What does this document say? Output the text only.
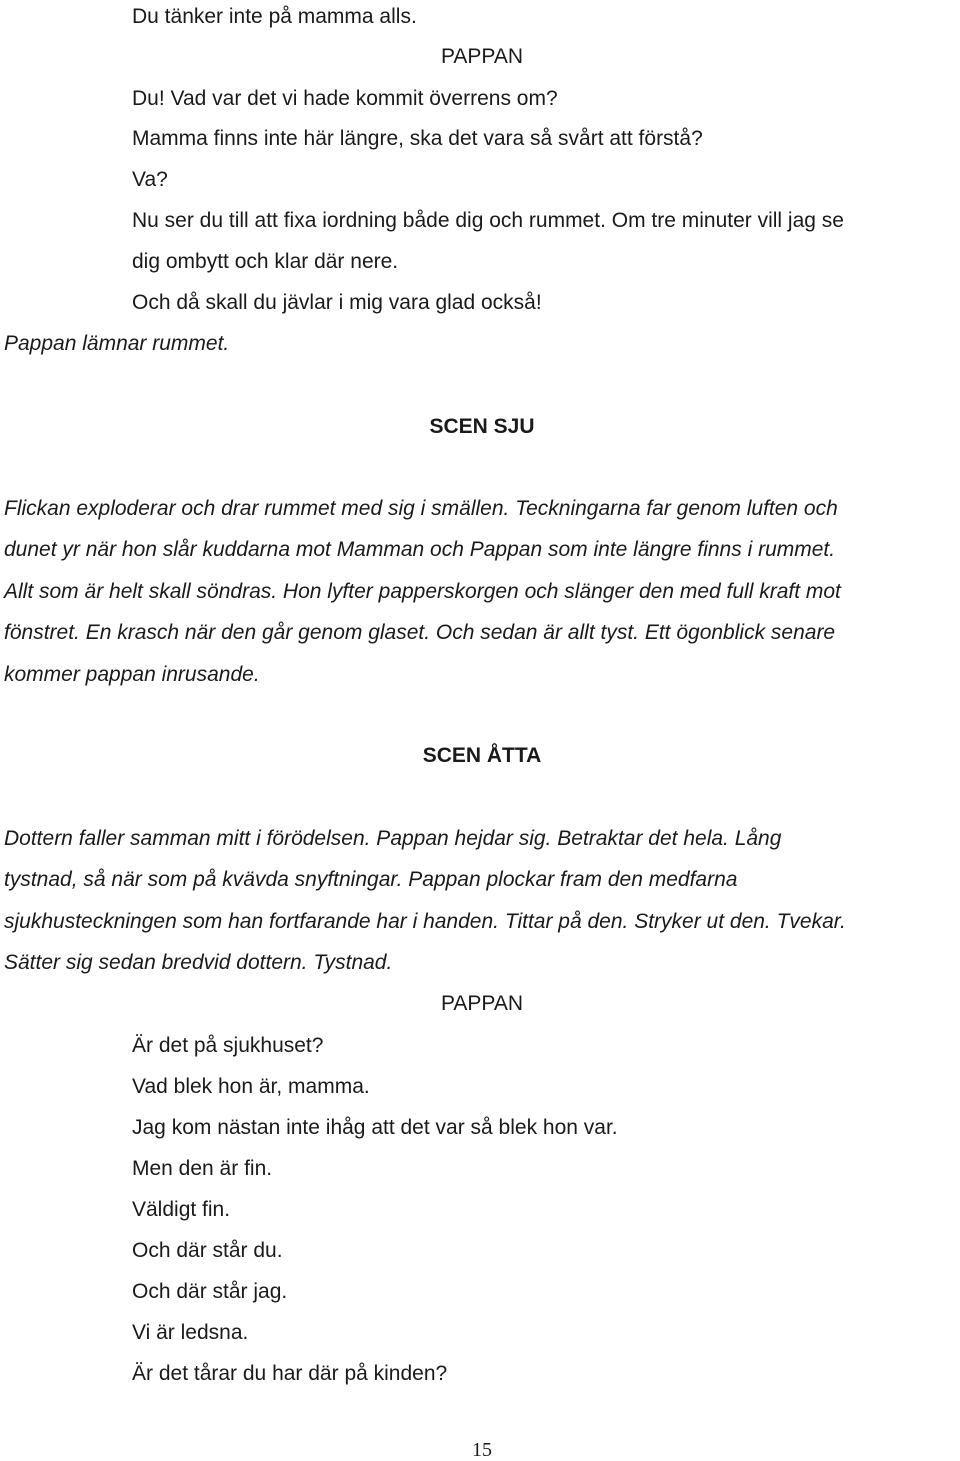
Du tänker inte på mamma alls.
PAPPAN
Du! Vad var det vi hade kommit överrens om?
Mamma finns inte här längre, ska det vara så svårt att förstå?
Va?
Nu ser du till att fixa iordning både dig och rummet. Om tre minuter vill jag se
dig ombytt och klar där nere.
Och då skall du jävlar i mig vara glad också!
Pappan lämnar rummet.
SCEN SJU
Flickan exploderar och drar rummet med sig i smällen. Teckningarna far genom luften och
dunet yr när hon slår kuddarna mot Mamman och Pappan som inte längre finns i rummet.
Allt som är helt skall söndras. Hon lyfter papperskorgen och slänger den med full kraft mot
fönstret. En krasch när den går genom glaset. Och sedan är allt tyst. Ett ögonblick senare
kommer pappan inrusande.
SCEN ÅTTA
Dottern faller samman mitt i förödelsen. Pappan hejdar sig. Betraktar det hela. Lång
tystnad, så när som på kvävda snyftningar. Pappan plockar fram den medfarna
sjukhusteckningen som han fortfarande har i handen. Tittar på den. Stryker ut den. Tvekar.
Sätter sig sedan bredvid dottern. Tystnad.
PAPPAN
Är det på sjukhuset?
Vad blek hon är, mamma.
Jag kom nästan inte ihåg att det var så blek hon var.
Men den är fin.
Väldigt fin.
Och där står du.
Och där står jag.
Vi är ledsna.
Är det tårar du har där på kinden?
15
